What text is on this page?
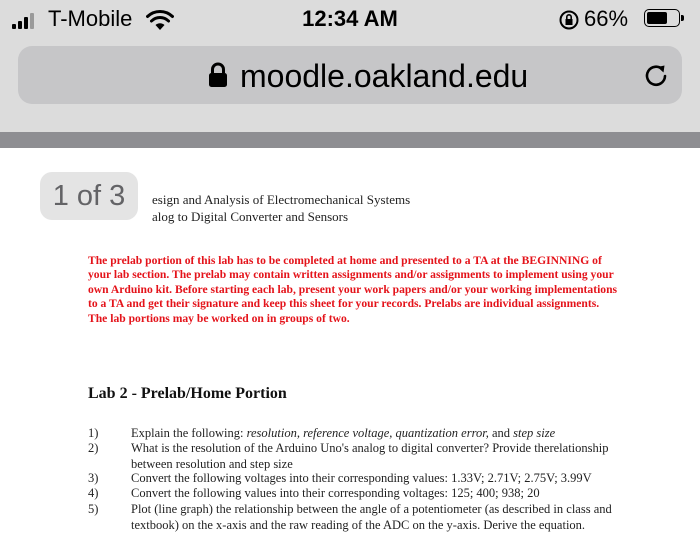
T-Mobile	12:34 AM	66%
moodle.oakland.edu
1 of 3	esign and Analysis of Electromechanical Systems
alog to Digital Converter and Sensors
The prelab portion of this lab has to be completed at home and presented to a TA at the BEGINNING of your lab section. The prelab may contain written assignments and/or assignments to implement using your own Arduino kit. Before starting each lab, present your work papers and/or your working implementations to a TA and get their signature and keep this sheet for your records. Prelabs are individual assignments. The lab portions may be worked on in groups of two.
Lab 2 - Prelab/Home Portion
1)	Explain the following: resolution, reference voltage, quantization error, and step size
2)	What is the resolution of the Arduino Uno's analog to digital converter? Provide therelationship between resolution and step size
3)	Convert the following voltages into their corresponding values: 1.33V; 2.71V; 2.75V; 3.99V
4)	Convert the following values into their corresponding voltages: 125; 400; 938; 20
5)	Plot (line graph) the relationship between the angle of a potentiometer (as described in class and textbook) on the x-axis and the raw reading of the ADC on the y-axis. Derive the equation.
